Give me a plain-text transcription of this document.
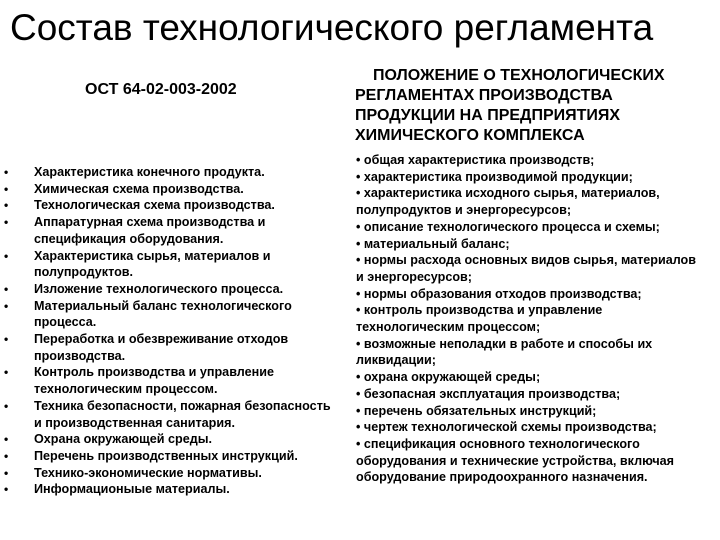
Состав технологического регламента
ОСТ 64-02-003-2002
ПОЛОЖЕНИЕ О ТЕХНОЛОГИЧЕСКИХ
РЕГЛАМЕНТАХ ПРОИЗВОДСТВА ПРОДУКЦИИ НА ПРЕДПРИЯТИЯХ ХИМИЧЕСКОГО КОМПЛЕКСА
•	Характеристика конечного продукта.
•	Химическая схема производства.
•	Технологическая схема производства.
•	Аппаратурная схема производства и спецификация оборудования.
•	Характеристика сырья, материалов и полупродуктов.
•	Изложение технологического процесса.
•	Материальный баланс технологического процесса.
•	Переработка и обезвреживание отходов производства.
•	Контроль производства и управление технологическим процессом.
•	Техника безопасности, пожарная безопасность и производственная санитария.
•	Охрана окружающей среды.
•	Перечень производственных инструкций.
•	Технико-экономические нормативы.
•	Информационыые материалы.
• общая характеристика производств;
• характеристика производимой продукции;
• характеристика исходного сырья, материалов, полупродуктов и энергоресурсов;
• описание технологического процесса и схемы;
• материальный баланс;
• нормы расхода основных видов сырья, материалов и энергоресурсов;
• нормы образования отходов производства;
• контроль производства и управление технологическим процессом;
• возможные неполадки в работе и способы их ликвидации;
• охрана окружающей среды;
• безопасная эксплуатация производства;
• перечень обязательных инструкций;
• чертеж технологической схемы производства;
• спецификация основного технологического оборудования и технические устройства, включая оборудование природоохранного назначения.
